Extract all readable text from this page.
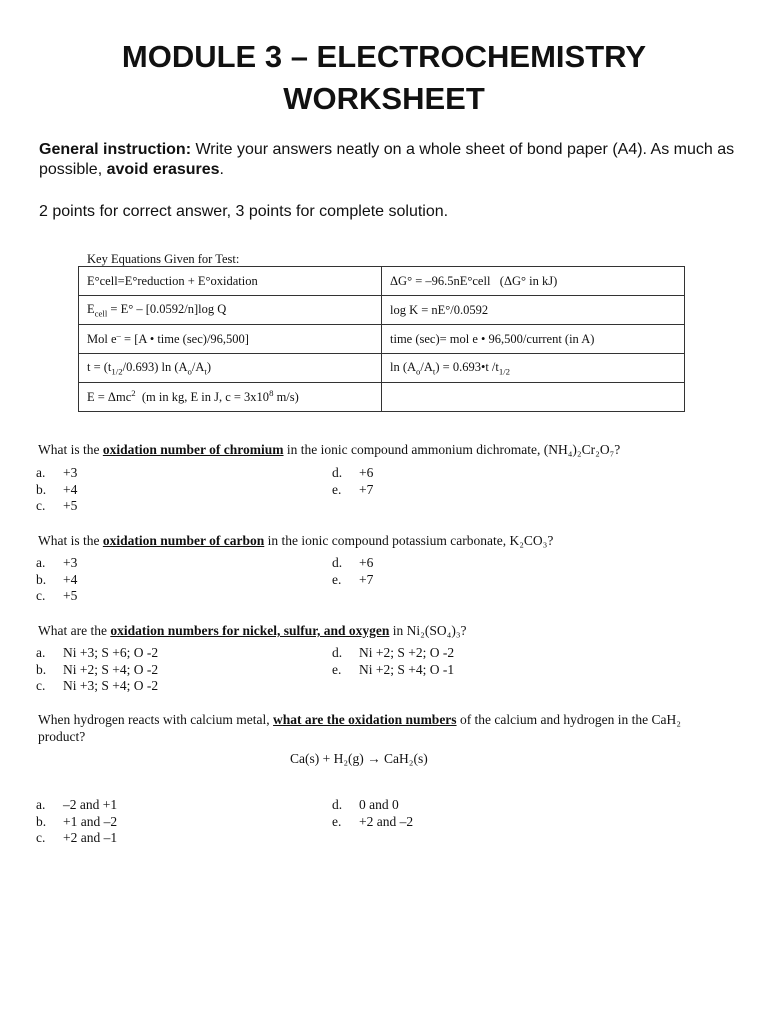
MODULE 3 – ELECTROCHEMISTRY
WORKSHEET
General instruction: Write your answers neatly on a whole sheet of bond paper (A4). As much as possible, avoid erasures.
2 points for correct answer, 3 points for complete solution.
Key Equations Given for Test:
E°cell=E°reduction + E°oxidation	ΔG° = –96.5nE°cell   (ΔG° in kJ)
$E_{cell} = E^\circ - [0.0592/n]\log$ Q	log K = nE°/0.0592
Mol e– = [A • time (sec)/96,500]	time (sec)= mol e • 96,500/current (in A)
$t = (t_{1/2}/0.693)$ $\ln (A_o/A_t)$	$\ln (A_o/A_t)$ = 0.693•t $/t_{1/2}$
E = Δmc$^2$  (m in kg, E in J, $c = 3x10^8$ m/s)	
What is the oxidation number of chromium in the ionic compound ammonium dichromate, (NH₄)₂Cr₂O₇?
a. +3
b. +4
c. +5
d. +6
e. +7
What is the oxidation number of carbon in the ionic compound potassium carbonate, K₂CO₃?
a. +3
b. +4
c. +5
d. +6
e. +7
What are the oxidation numbers for nickel, sulfur, and oxygen in Ni₂(SO₄)₃?
a. Ni +3; S +6; O -2
b. Ni +2; S +4; O -2
c. Ni +3; S +4; O -2
d. Ni +2; S +2; O -2
e. Ni +2; S +4; O -1
When hydrogen reacts with calcium metal, what are the oxidation numbers of the calcium and hydrogen in the CaH₂ product?
Ca(s) + H₂(g) → CaH₂(s)
a. –2 and +1
b. +1 and –2
c. +2 and –1
d. 0 and 0
e. +2 and –2
